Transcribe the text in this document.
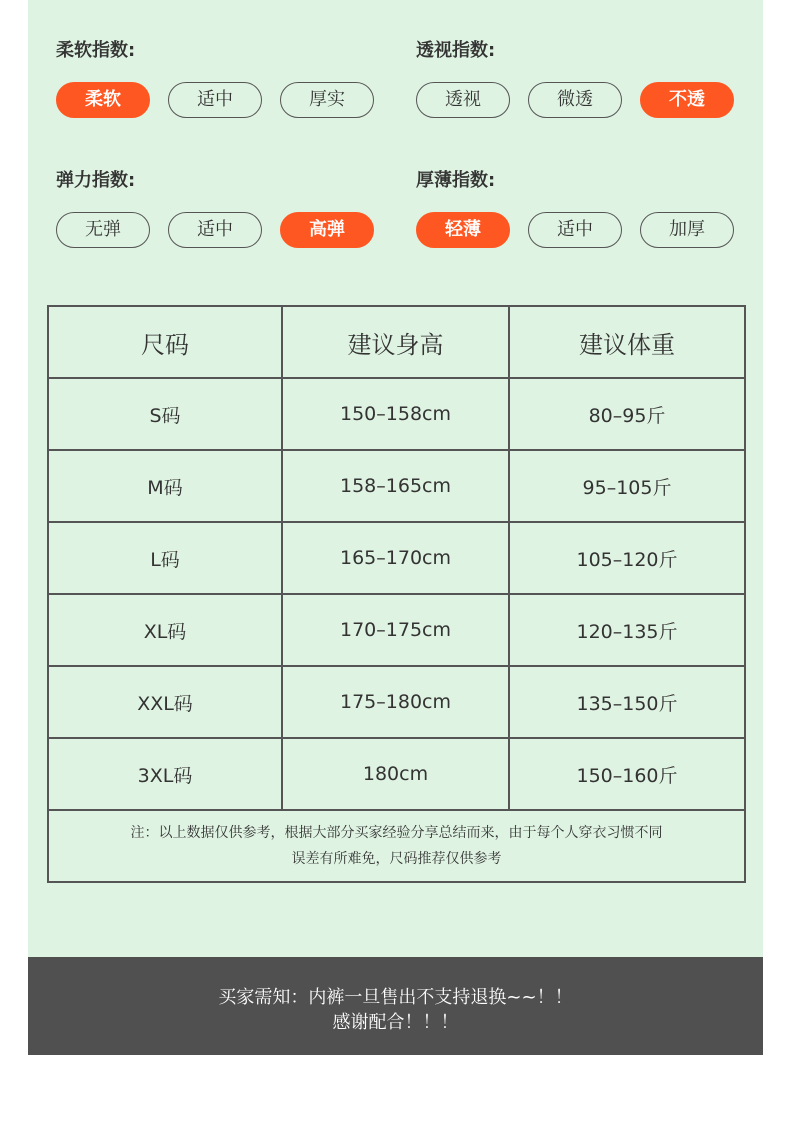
柔软指数:
柔软	适中	厚实
透视指数:
透视	微透	不透
弹力指数:
无弹	适中	高弹
厚薄指数:
轻薄	适中	加厚
尺码	建议身高	建议体重
S码	150–158cm	80–95斤
M码	158–165cm	95–105斤
L码	165–170cm	105–120斤
XL码	170–175cm	120–135斤
XXL码	175–180cm	135–150斤
3XL码	180cm	150–160斤

注：以上数据仅供参考，根据大部分买家经验分享总结而来，由于每个人穿衣习惯不同
误差有所难免，尺码推荐仅供参考		
买家需知：内裤一旦售出不支持退换~~！！
感谢配合！！！
